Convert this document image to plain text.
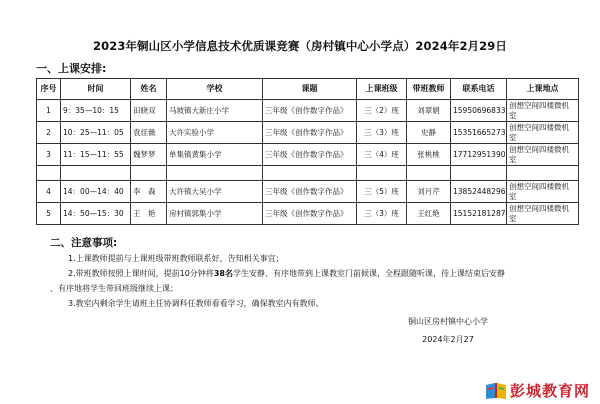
2023年铜山区小学信息技术优质课竞赛（房村镇中心小学点）2024年2月29日
一、上课安排:
序号	时间	姓名	学校	课题	上课班级	带班教师	联系电话	上课地点
1	9：35—10：15	田晓双	马坡镇大新庄小学	三年级《创作数字作品》	三（2）班	刘翠娟	15950696833	创想空间四楼微机室
2	10：25—11：05	袁佳薇	大许实验小学	三年级《创作数字作品》	三（3）班	史静	15351665273	创想空间四楼微机室
3	11：15—11：55	魏梦梦	单集镇黄集小学	三年级《创作数字作品》	三（4）班	张桃桃	17712951390	创想空间四楼微机室

4	14：00—14：40	李　森	大许镇大吴小学	三年级《创作数字作品》	三（5）班	刘月芹	13852448296	创想空间四楼微机室
5	14：50—15：30	王　艳	房村镇郭集小学	三年级《创作数字作品》	三（3）班	王红艳	15152181287	创想空间四楼微机室
二、注意事项:
1.上课教师提前与上课班级带班教师联系好，告知相关事宜；
2.带班教师按照上课时间，提前10分钟将38名学生安静、有序地带到上课教室门前候课，全程跟随听课，待上课结束后安静
、有序地将学生带回班级继续上课；
3.教室内剩余学生请班主任协调科任教师看看学习，确保教室内有教师。
铜山区房村镇中心小学
2024年2月27
彭城教育网
